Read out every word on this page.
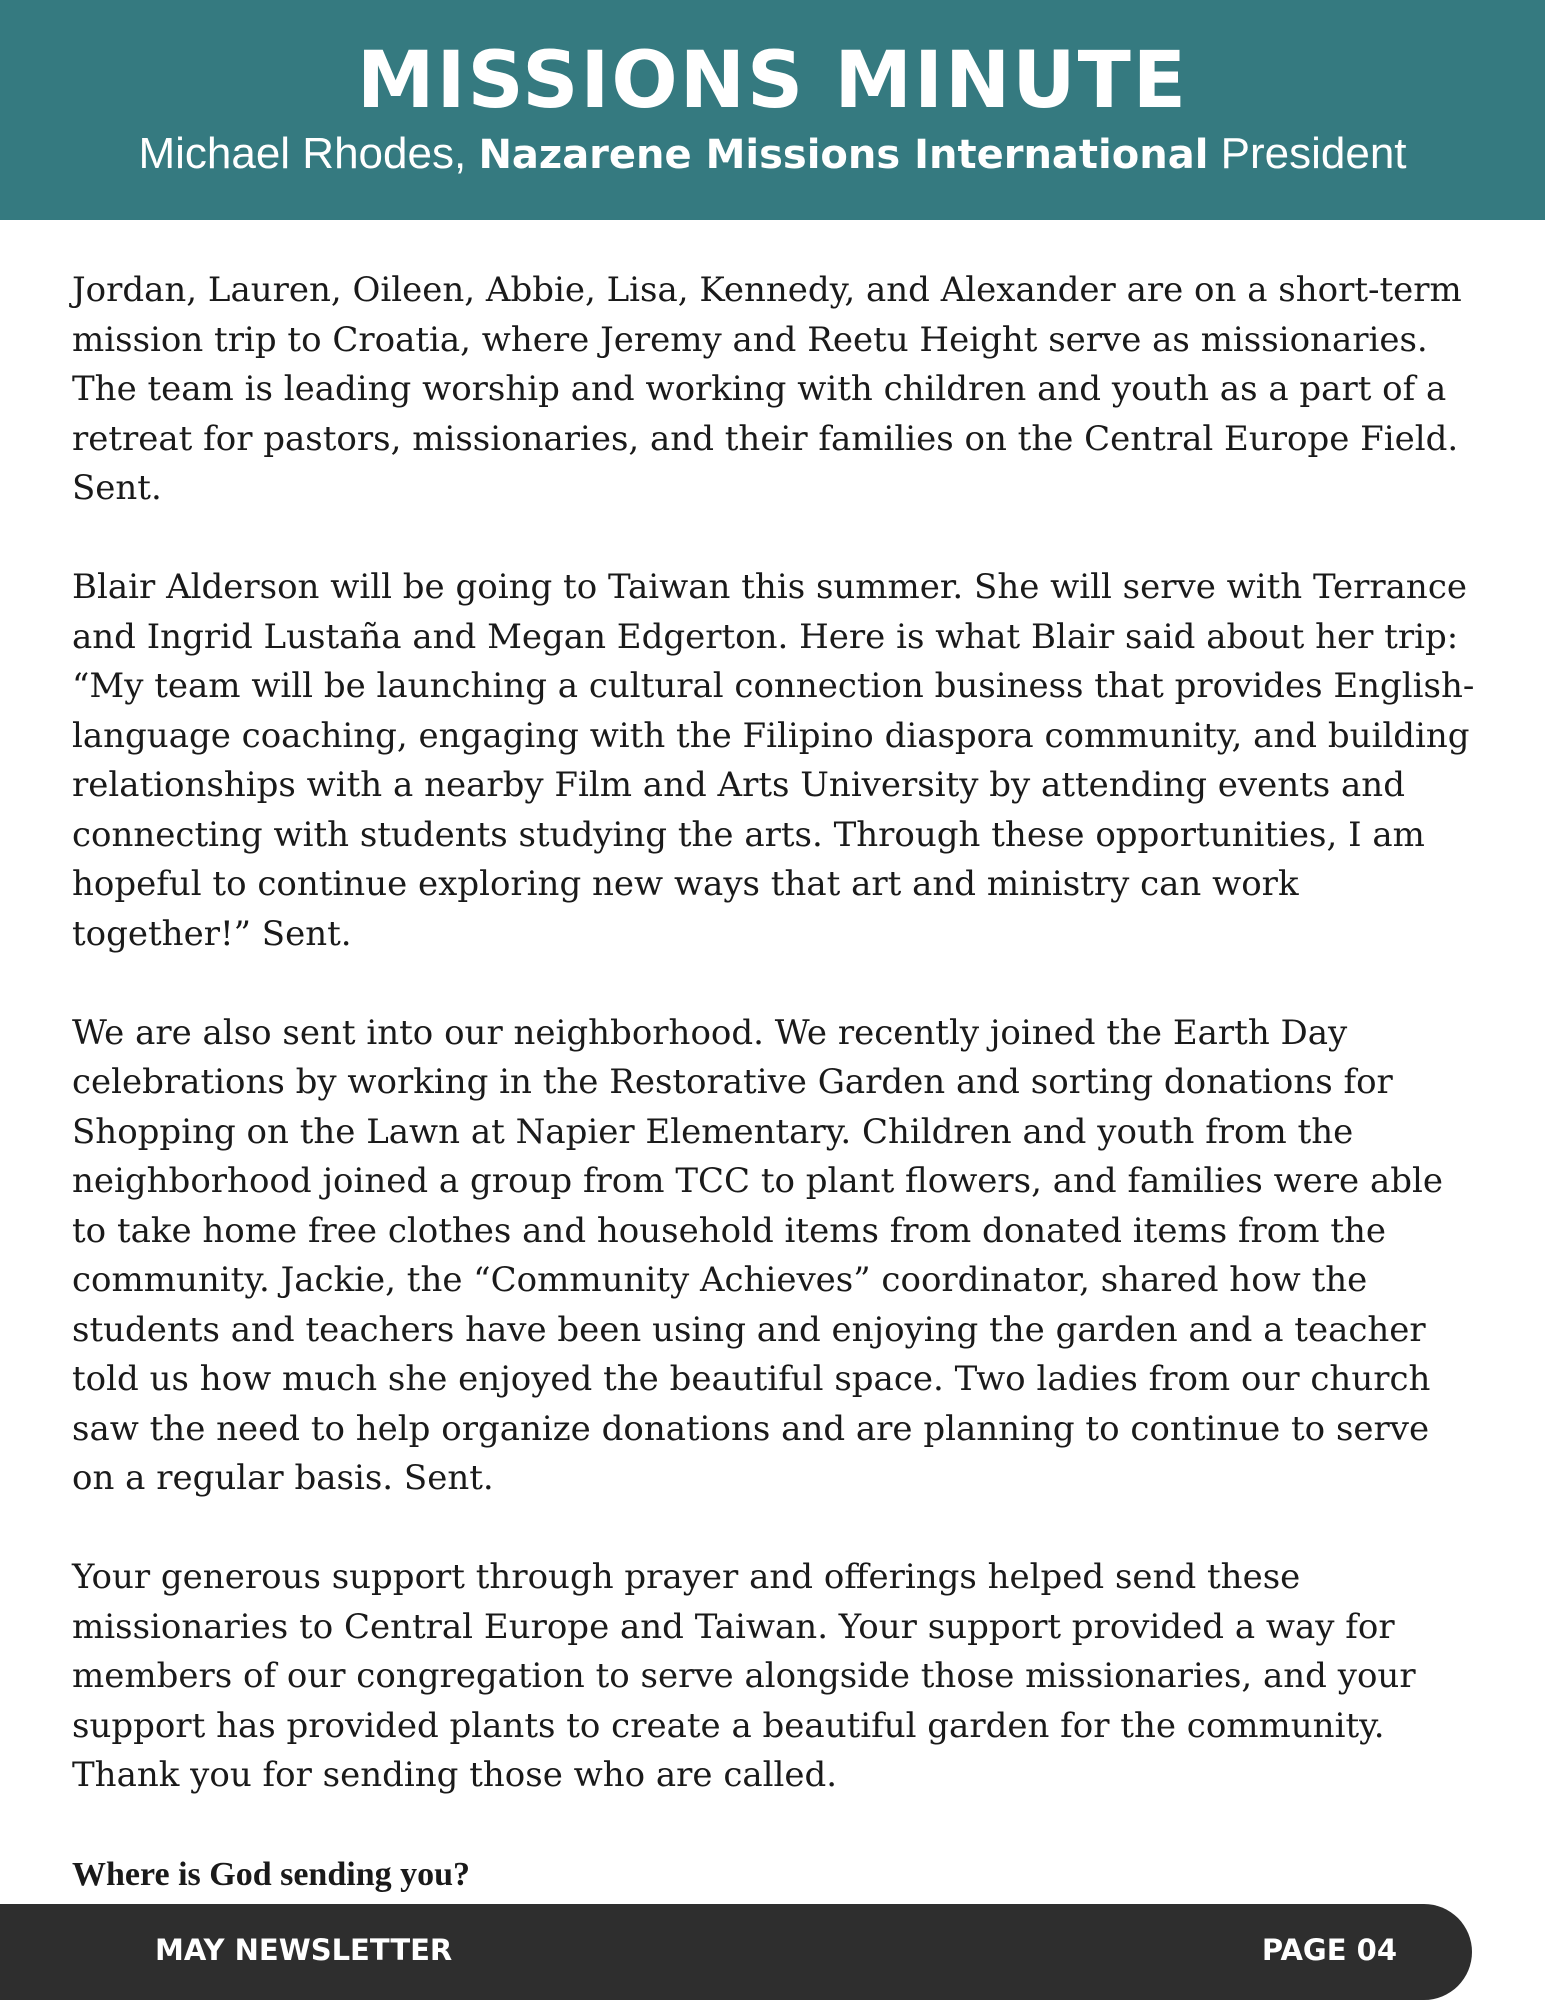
MISSIONS MINUTE
Michael Rhodes, Nazarene Missions International President

Jordan, Lauren, Oileen, Abbie, Lisa, Kennedy, and Alexander are on a short-term mission trip to Croatia, where Jeremy and Reetu Height serve as missionaries. The team is leading worship and working with children and youth as a part of a retreat for pastors, missionaries, and their families on the Central Europe Field. Sent.

Blair Alderson will be going to Taiwan this summer. She will serve with Terrance and Ingrid Lustaña and Megan Edgerton. Here is what Blair said about her trip: “My team will be launching a cultural connection business that provides English-language coaching, engaging with the Filipino diaspora community, and building relationships with a nearby Film and Arts University by attending events and connecting with students studying the arts. Through these opportunities, I am hopeful to continue exploring new ways that art and ministry can work together!” Sent.

We are also sent into our neighborhood. We recently joined the Earth Day celebrations by working in the Restorative Garden and sorting donations for Shopping on the Lawn at Napier Elementary. Children and youth from the neighborhood joined a group from TCC to plant flowers, and families were able to take home free clothes and household items from donated items from the community. Jackie, the “Community Achieves” coordinator, shared how the students and teachers have been using and enjoying the garden and a teacher told us how much she enjoyed the beautiful space. Two ladies from our church saw the need to help organize donations and are planning to continue to serve on a regular basis. Sent.

Your generous support through prayer and offerings helped send these missionaries to Central Europe and Taiwan. Your support provided a way for members of our congregation to serve alongside those missionaries, and your support has provided plants to create a beautiful garden for the community. Thank you for sending those who are called.

Where is God sending you?

MAY NEWSLETTER	PAGE 04
